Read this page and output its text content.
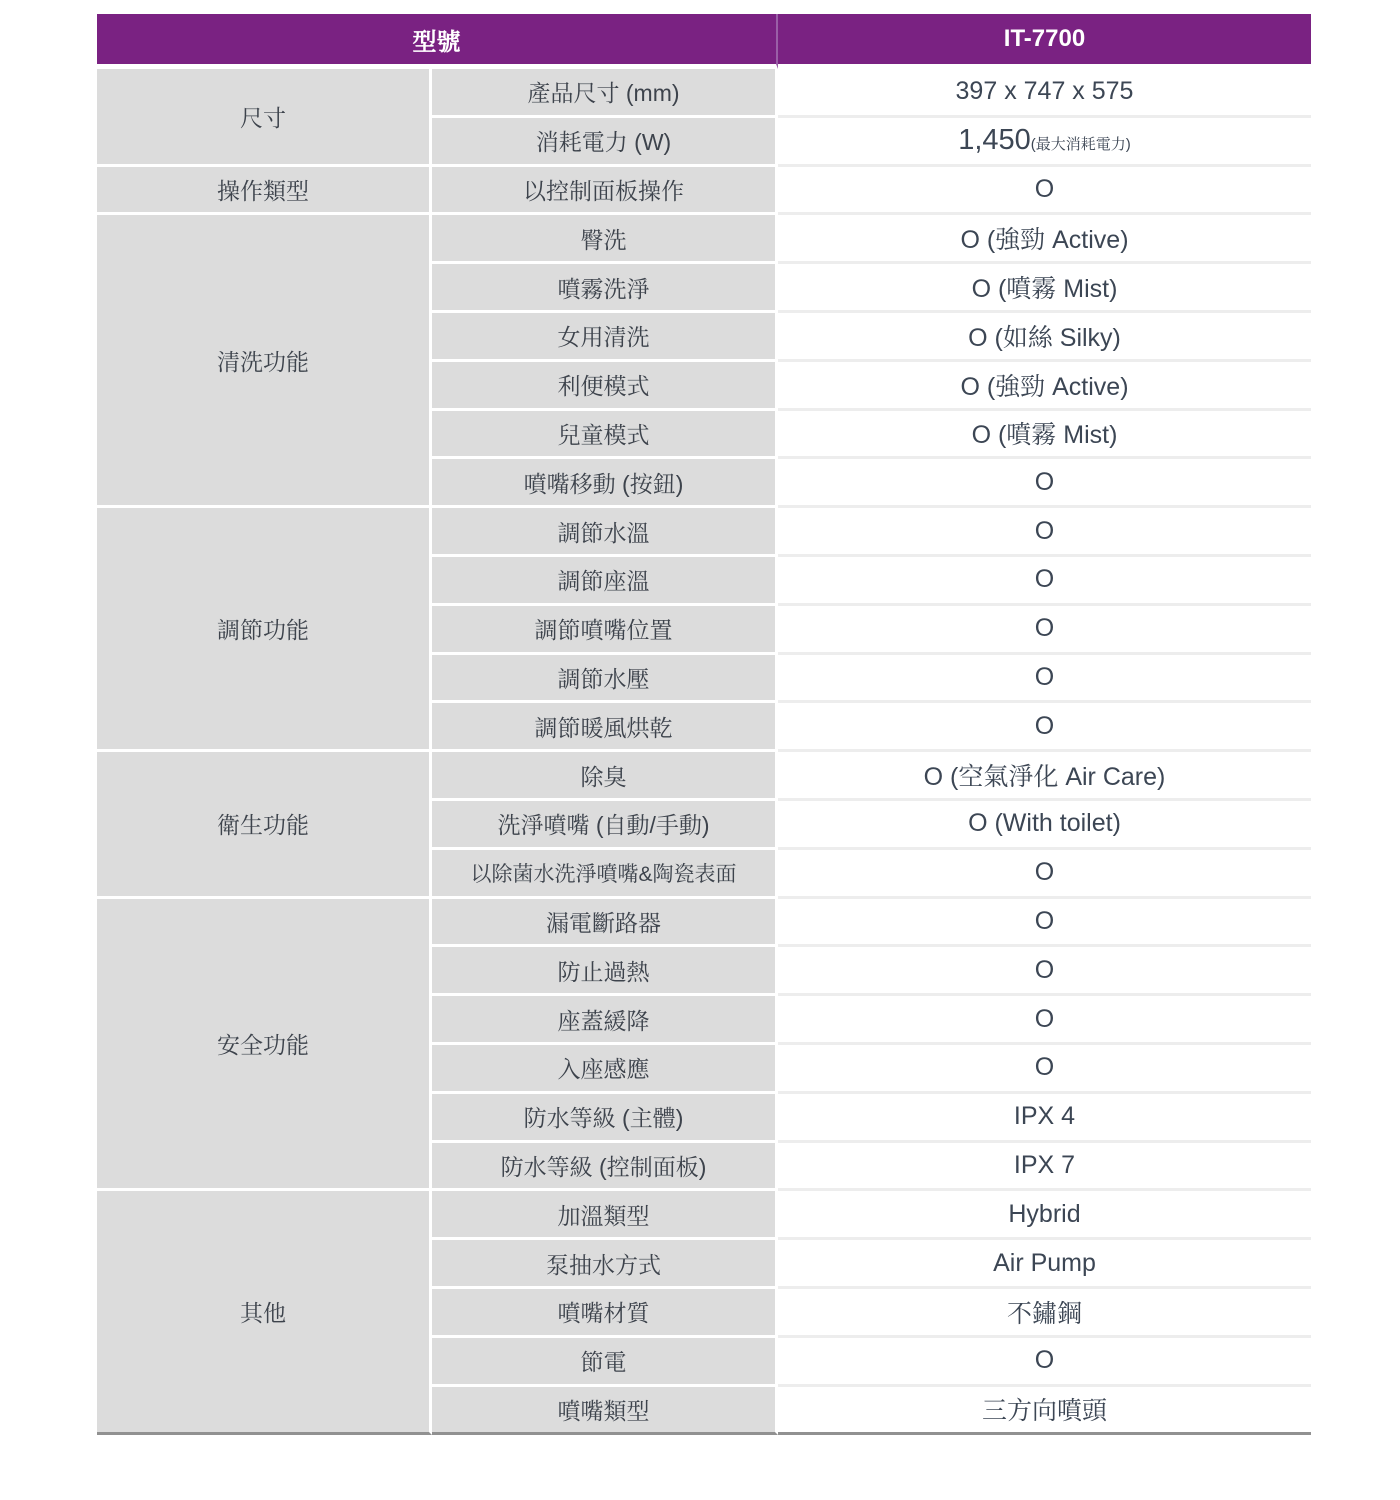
型號		IT-7700
尺寸	產品尺寸 (mm)	397 x 747 x 575
	消耗電力 (W)	1,450(最大消耗電力)
操作類型	以控制面板操作	O
清洗功能	臀洗	O (強勁 Active)
	噴霧洗淨	O (噴霧 Mist)
	女用清洗	O (如絲 Silky)
	利便模式	O (強勁 Active)
	兒童模式	O (噴霧 Mist)
	噴嘴移動 (按鈕)	O
調節功能	調節水溫	O
	調節座溫	O
	調節噴嘴位置	O
	調節水壓	O
	調節暖風烘乾	O
衛生功能	除臭	O (空氣淨化 Air Care)
	洗淨噴嘴 (自動/手動)	O (With toilet)
	以除菌水洗淨噴嘴&陶瓷表面	O
安全功能	漏電斷路器	O
	防止過熱	O
	座蓋緩降	O
	入座感應	O
	防水等級 (主體)	IPX 4
	防水等級 (控制面板)	IPX 7
其他	加溫類型	Hybrid
	泵抽水方式	Air Pump
	噴嘴材質	不鏽鋼
	節電	O
	噴嘴類型	三方向噴頭
